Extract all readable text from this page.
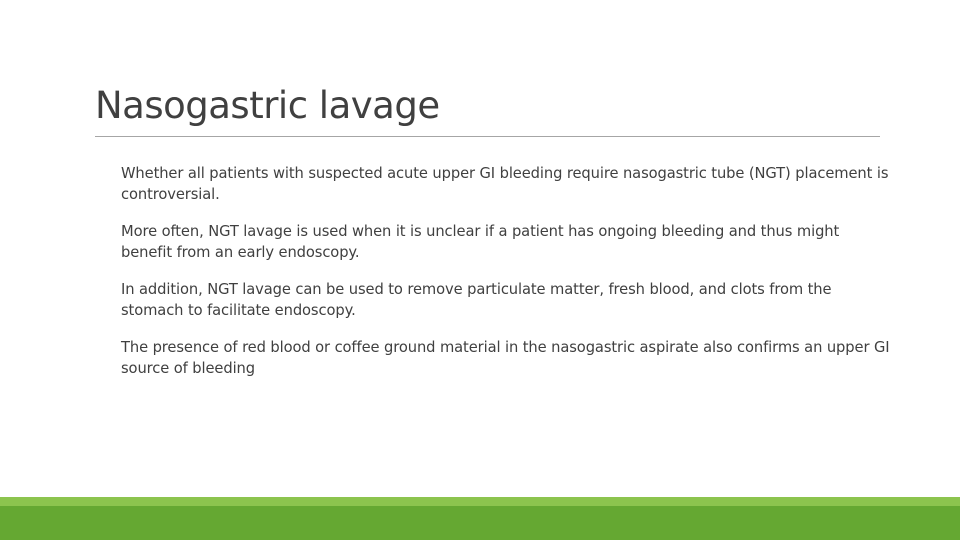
Nasogastric lavage
Whether all patients with suspected acute upper GI bleeding require nasogastric tube (NGT) placement is controversial.
More often, NGT lavage is used when it is unclear if a patient has ongoing bleeding and thus might benefit from an early endoscopy.
In addition, NGT lavage can be used to remove particulate matter, fresh blood, and clots from the stomach to facilitate endoscopy.
The presence of red blood or coffee ground material in the nasogastric aspirate also confirms an upper GI source of bleeding
